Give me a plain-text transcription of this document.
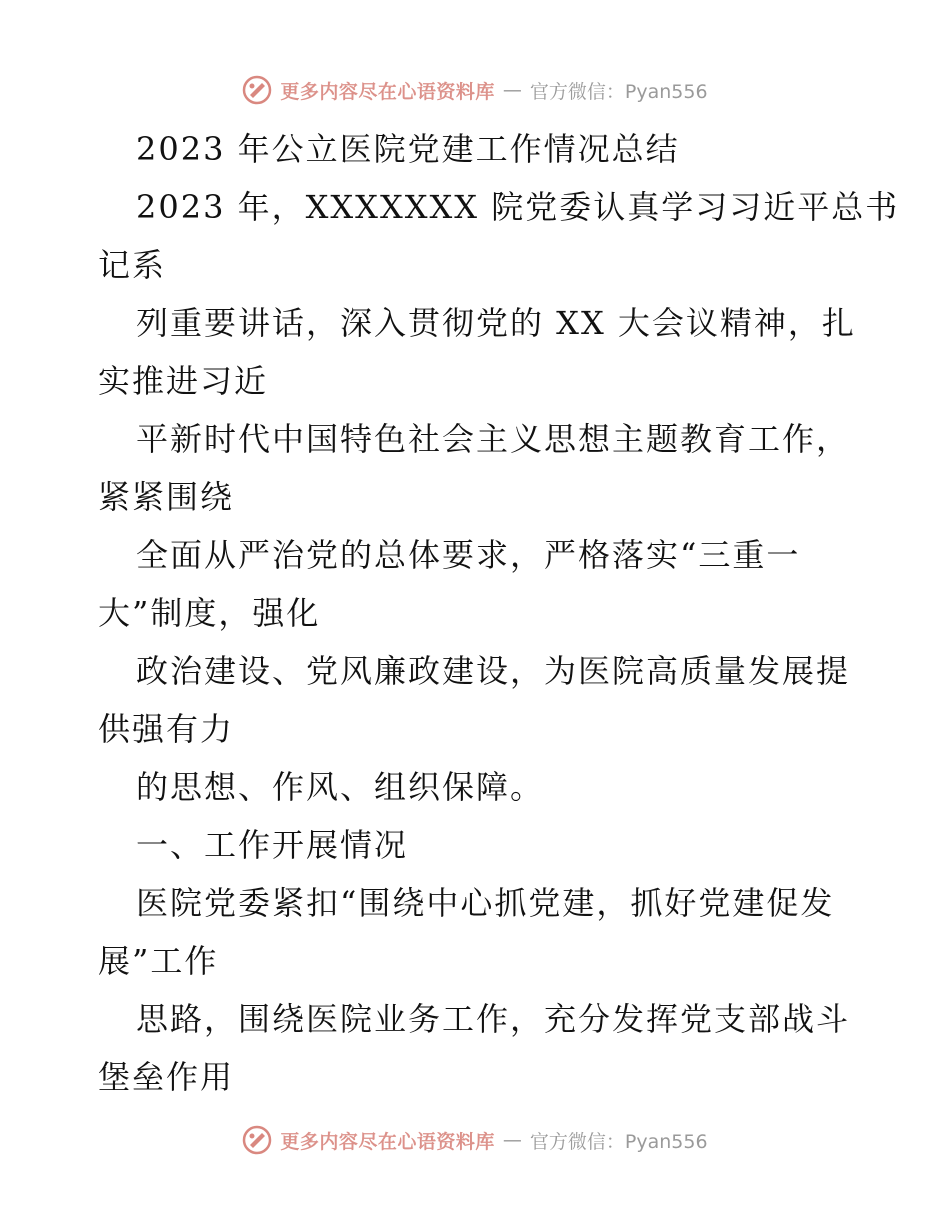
更多内容尽在心语资料库 — 官方微信：Pyan556
2023 年公立医院党建工作情况总结
2023 年，XXXXXXX 院党委认真学习习近平总书
记系
列重要讲话，深入贯彻党的 XX 大会议精神，扎
实推进习近
平新时代中国特色社会主义思想主题教育工作，
紧紧围绕
全面从严治党的总体要求，严格落实“三重一
大”制度，强化
政治建设、党风廉政建设，为医院高质量发展提
供强有力
的思想、作风、组织保障。
一、工作开展情况
医院党委紧扣“围绕中心抓党建，抓好党建促发
展”工作
思路，围绕医院业务工作，充分发挥党支部战斗
堡垒作用
更多内容尽在心语资料库 — 官方微信：Pyan556
